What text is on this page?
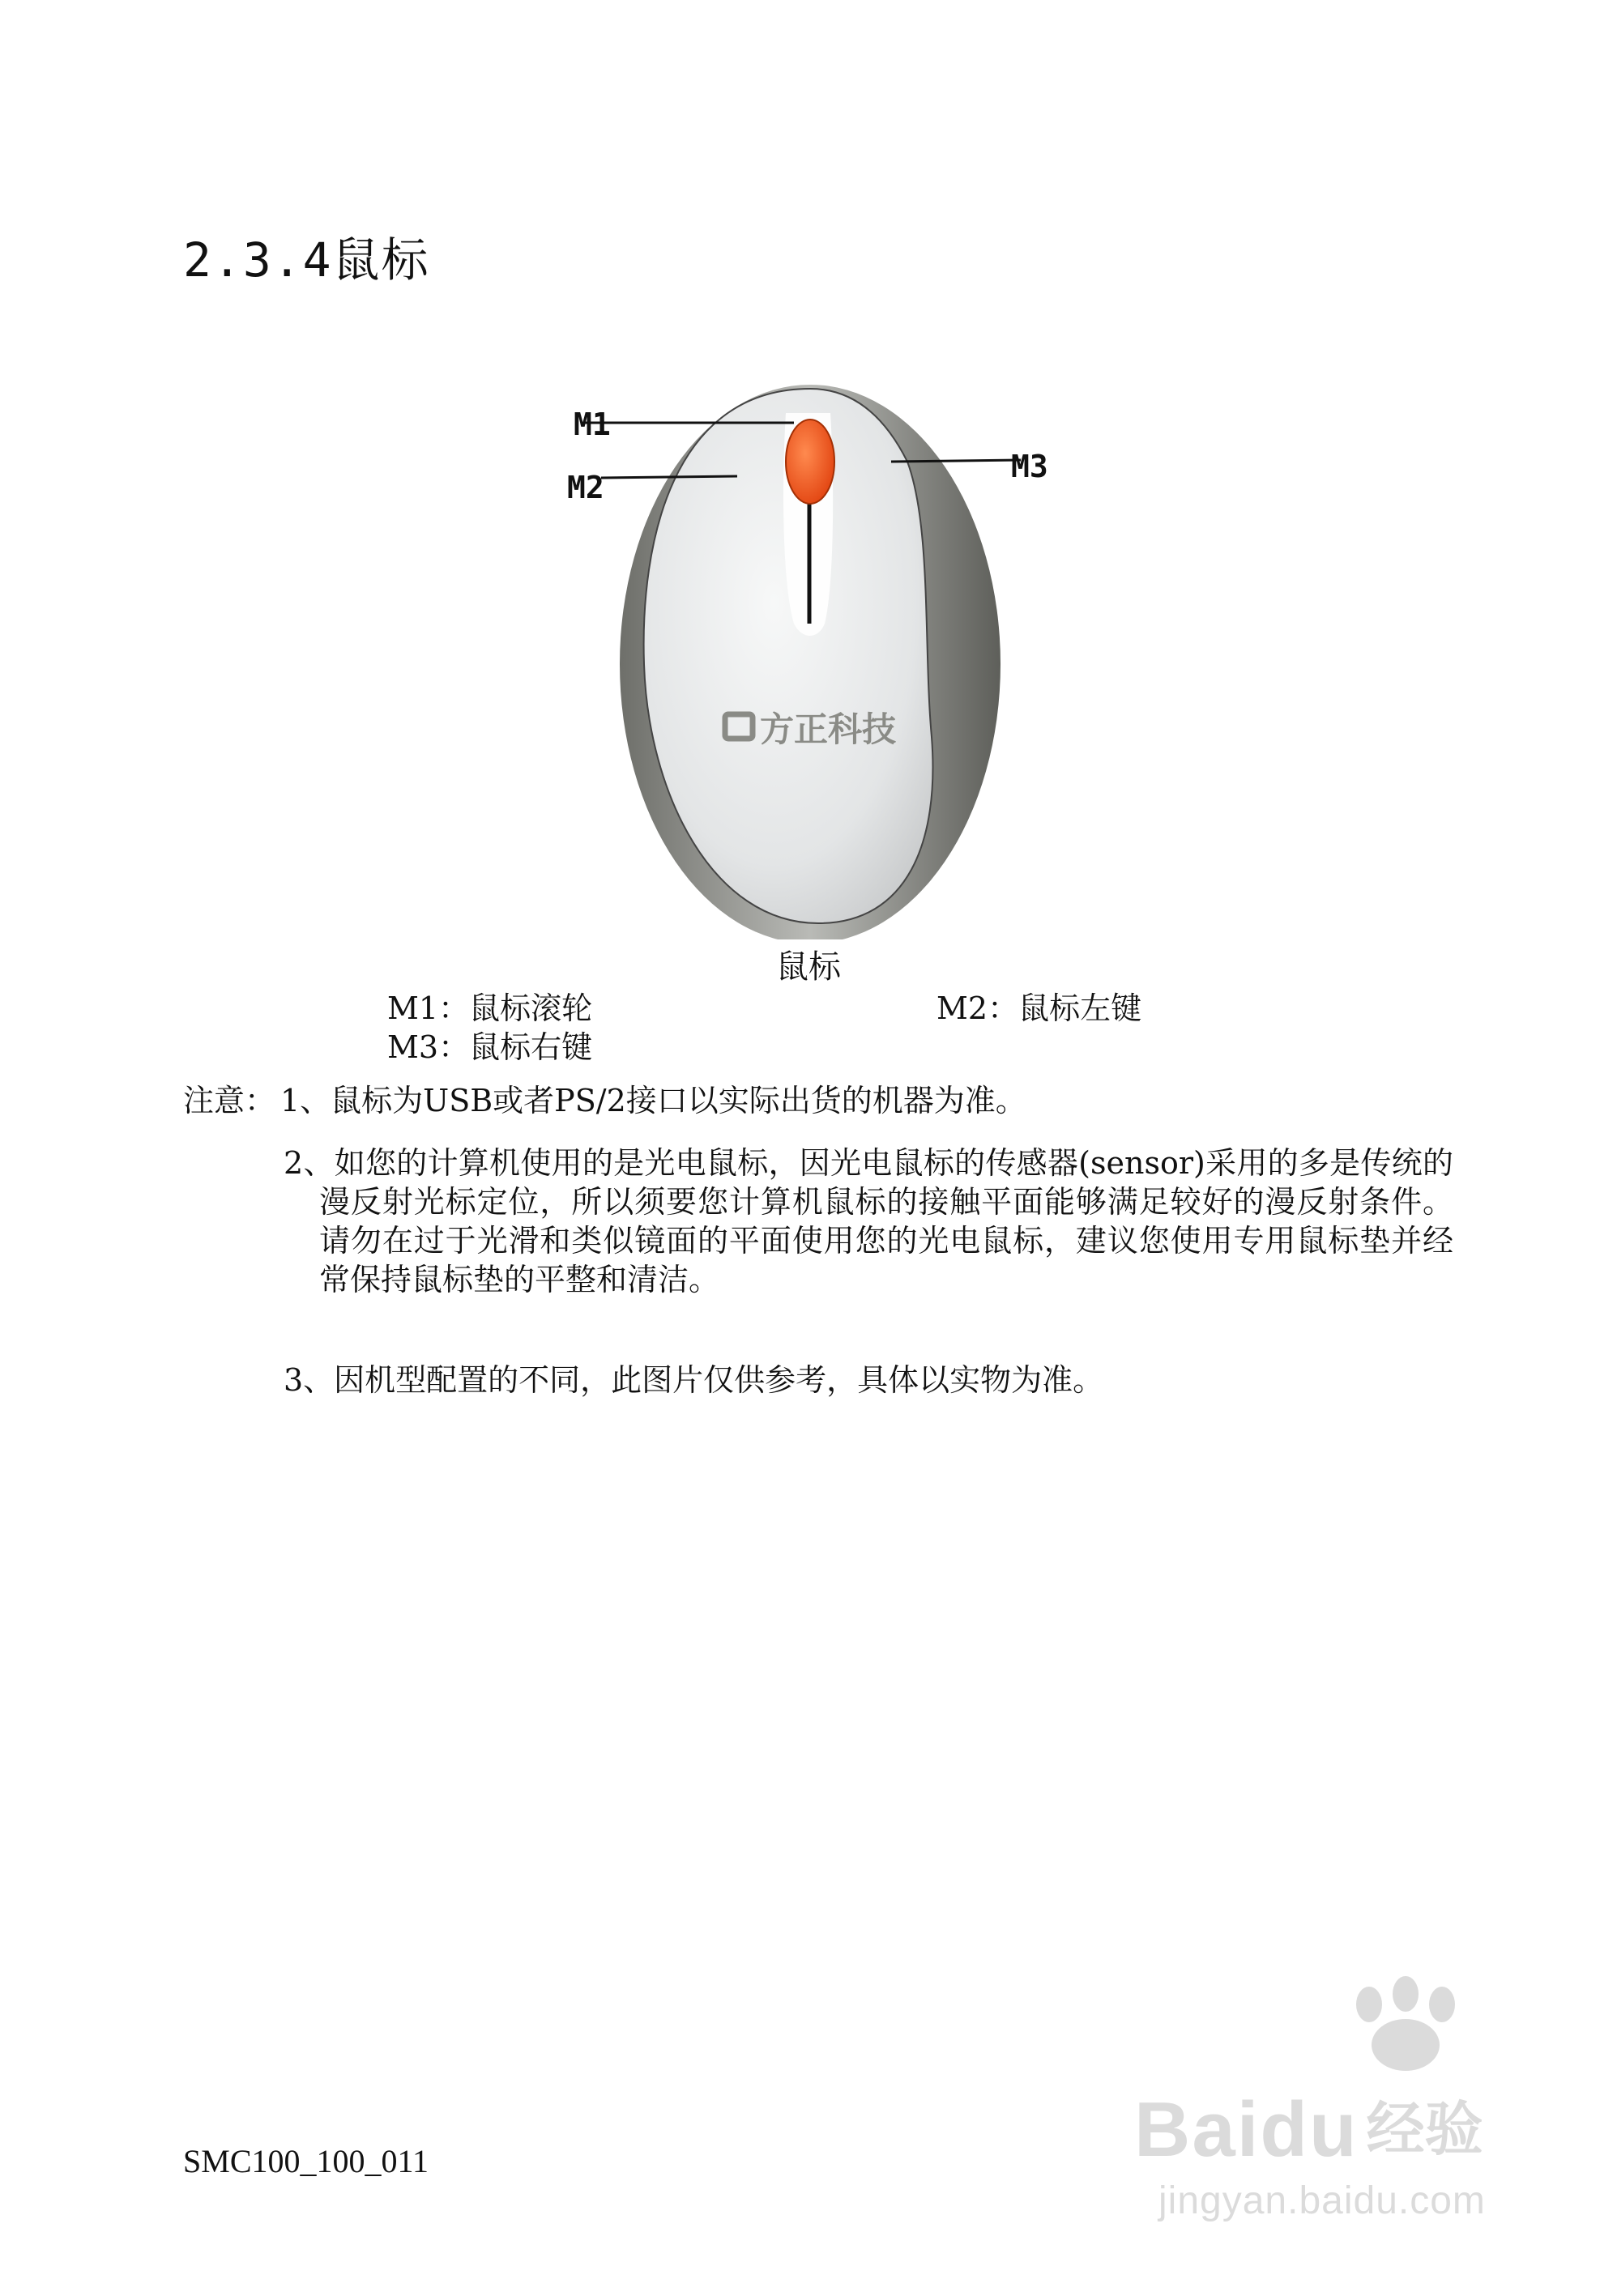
2.3.4鼠标
M1
M2
M3
方正科技
鼠标
M1：鼠标滚轮	M2：鼠标左键
M3：鼠标右键
注意： 1、鼠标为USB或者PS/2接口以实际出货的机器为准。
2、如您的计算机使用的是光电鼠标，因光电鼠标的传感器(sensor)采用的多是传统的漫反射光标定位，所以须要您计算机鼠标的接触平面能够满足较好的漫反射条件。请勿在过于光滑和类似镜面的平面使用您的光电鼠标，建议您使用专用鼠标垫并经常保持鼠标垫的平整和清洁。
3、因机型配置的不同，此图片仅供参考，具体以实物为准。
SMC100_100_011	Bai du 经验
jingyan.baidu.com
